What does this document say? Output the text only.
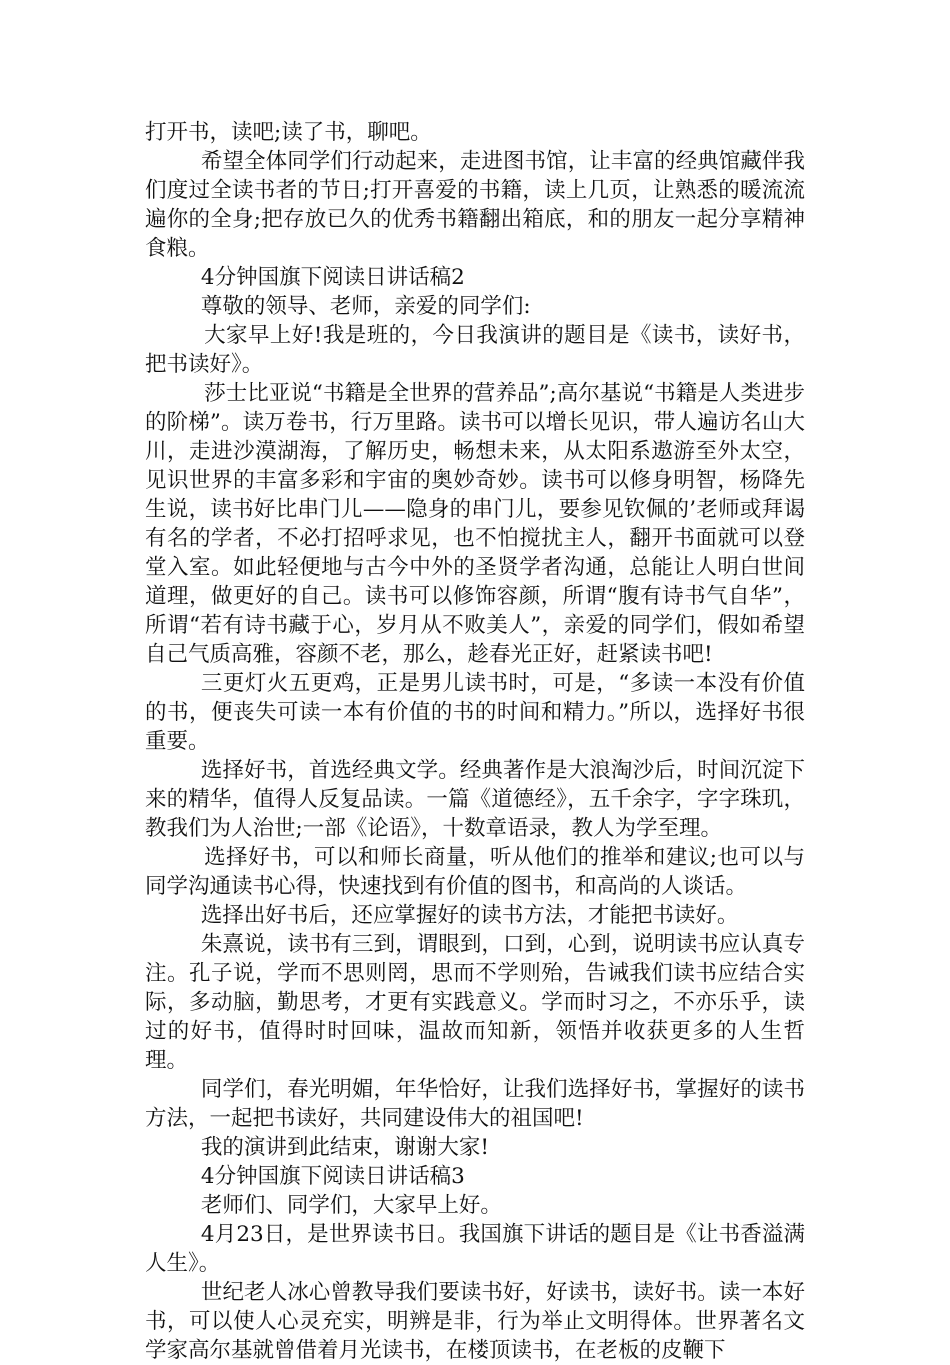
打开书，读吧;读了书，聊吧。

希望全体同学们行动起来，走进图书馆，让丰富的经典馆藏伴我们度过全读书者的节日;打开喜爱的书籍，读上几页，让熟悉的暖流流遍你的全身;把存放已久的优秀书籍翻出箱底，和的朋友一起分享精神食粮。

4分钟国旗下阅读日讲话稿2

尊敬的领导、老师，亲爱的同学们:

大家早上好!我是班的，今日我演讲的题目是《读书，读好书，把书读好》。

莎士比亚说“书籍是全世界的营养品”;高尔基说“书籍是人类进步的阶梯”。读万卷书，行万里路。读书可以增长见识，带人遍访名山大川，走进沙漠湖海，了解历史，畅想未来，从太阳系遨游至外太空，见识世界的丰富多彩和宇宙的奥妙奇妙。读书可以修身明智，杨降先生说，读书好比串门儿——隐身的串门儿，要参见钦佩的’老师或拜谒有名的学者，不必打招呼求见，也不怕搅扰主人，翻开书面就可以登堂入室。如此轻便地与古今中外的圣贤学者沟通，总能让人明白世间道理，做更好的自己。读书可以修饰容颜，所谓“腹有诗书气自华”，所谓“若有诗书藏于心，岁月从不败美人”，亲爱的同学们，假如希望自己气质高雅，容颜不老，那么，趁春光正好，赶紧读书吧!

三更灯火五更鸡，正是男儿读书时，可是，“多读一本没有价值的书，便丧失可读一本有价值的书的时间和精力。”所以，选择好书很重要。

选择好书，首选经典文学。经典著作是大浪淘沙后，时间沉淀下来的精华，值得人反复品读。一篇《道德经》，五千余字，字字珠玑，教我们为人治世;一部《论语》，十数章语录，教人为学至理。

选择好书，可以和师长商量，听从他们的推举和建议;也可以与同学沟通读书心得，快速找到有价值的图书，和高尚的人谈话。

选择出好书后，还应掌握好的读书方法，才能把书读好。

朱熹说，读书有三到，谓眼到，口到，心到，说明读书应认真专注。孔子说，学而不思则罔，思而不学则殆，告诫我们读书应结合实际，多动脑，勤思考，才更有实践意义。学而时习之，不亦乐乎，读过的好书，值得时时回味，温故而知新，领悟并收获更多的人生哲理。

同学们，春光明媚，年华恰好，让我们选择好书，掌握好的读书方法，一起把书读好，共同建设伟大的祖国吧!

我的演讲到此结束，谢谢大家!

4分钟国旗下阅读日讲话稿3

老师们、同学们，大家早上好。

4月23日，是世界读书日。我国旗下讲话的题目是《让书香溢满人生》。

世纪老人冰心曾教导我们要读书好，好读书，读好书。读一本好书，可以使人心灵充实，明辨是非，行为举止文明得体。世界著名文学家高尔基就曾借着月光读书，在楼顶读书，在老板的皮鞭下
